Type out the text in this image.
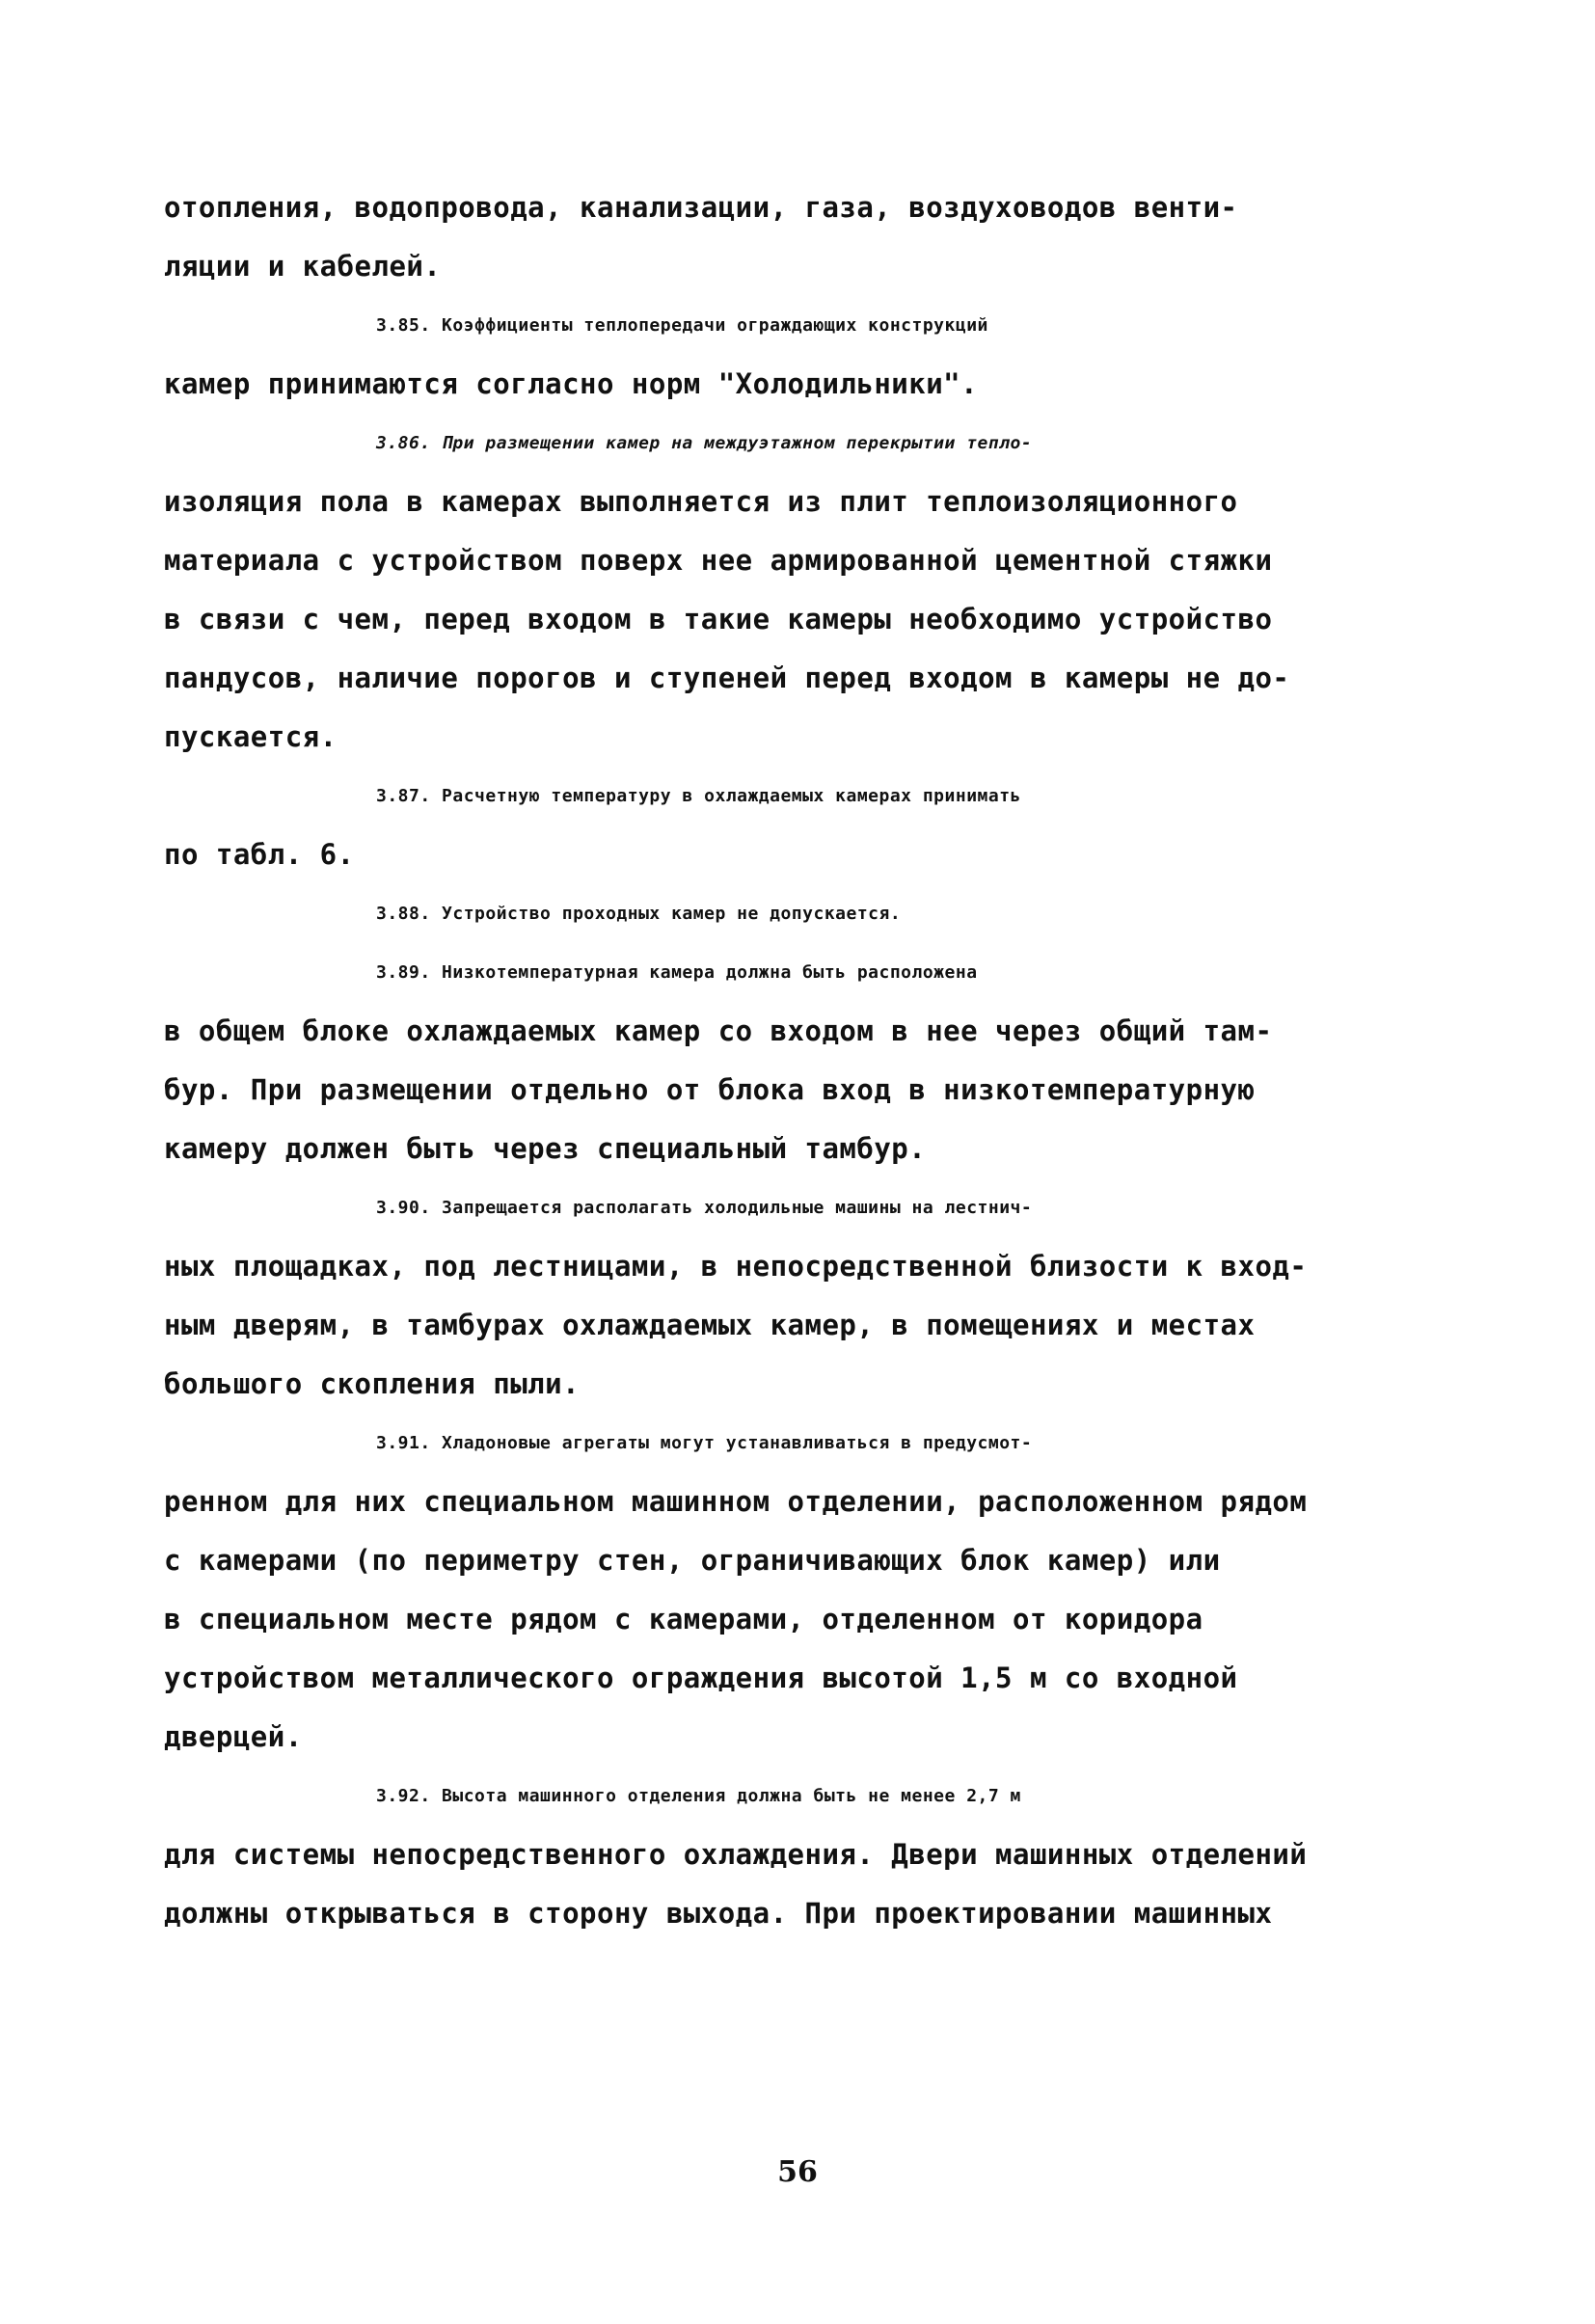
отопления, водопровода, канализации, газа, воздуховодов венти-
ляции и кабелей.
3.85. Коэффициенты теплопередачи ограждающих конструкций
камер принимаются согласно норм "Холодильники".
3.86. При размещении камер на междуэтажном перекрытии тепло-
изоляция пола в камерах выполняется из плит теплоизоляционного
материала с устройством поверх нее армированной цементной стяжки
в связи с чем, перед входом в такие камеры необходимо устройство
пандусов, наличие порогов и ступеней перед входом в камеры не до-
пускается.
3.87. Расчетную температуру в охлаждаемых камерах принимать
по табл. 6.
3.88. Устройство проходных камер не допускается.
3.89. Низкотемпературная камера должна быть расположена
в общем блоке охлаждаемых камер со входом в нее через общий там-
бур. При размещении отдельно от блока вход в низкотемпературную
камеру должен быть через специальный тамбур.
3.90. Запрещается располагать холодильные машины на лестнич-
ных площадках, под лестницами, в непосредственной близости к вход-
ным дверям, в тамбурах охлаждаемых камер, в помещениях и местах
большого скопления пыли.
3.91. Хладоновые агрегаты могут устанавливаться в предусмот-
ренном для них специальном машинном отделении, расположенном рядом
с камерами (по периметру стен, ограничивающих блок камер) или
в специальном месте рядом с камерами, отделенном от коридора
устройством металлического ограждения высотой 1,5 м со входной
дверцей.
3.92. Высота машинного отделения должна быть не менее 2,7 м
для системы непосредственного охлаждения. Двери машинных отделений
должны открываться в сторону выхода. При проектировании машинных
56
